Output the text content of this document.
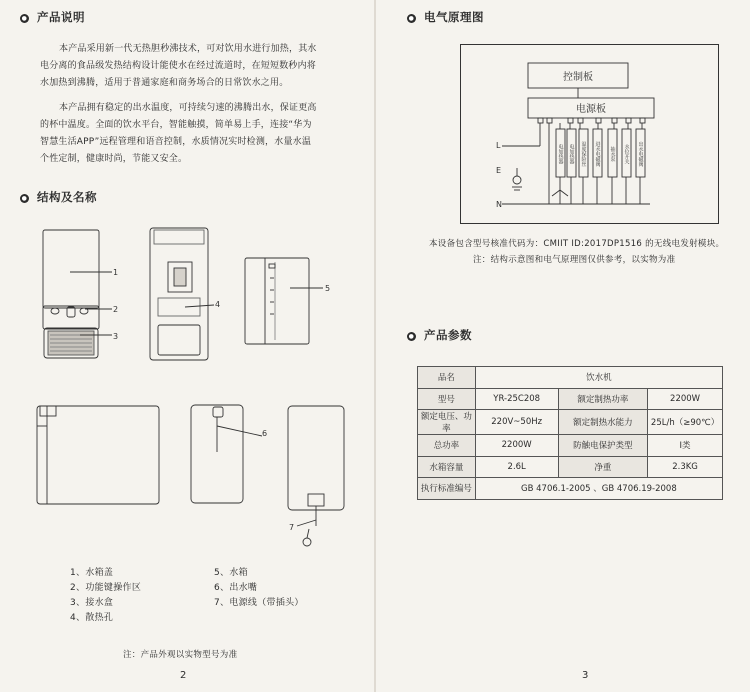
● 产品说明
本产品采用新一代无热胆秒沸技术，可对饮用水进行加热，其水
电分离的食品级发热结构设计能使水在经过流道时，在短短数秒内将
水加热到沸腾，适用于普通家庭和商务场合的日常饮水之用。
本产品拥有稳定的出水温度，可持续匀速的沸腾出水，保证更高
的杯中温度。全面的饮水平台，智能触摸，简单易上手，连接“华为
智慧生活APP”远程管理和语音控制，水质情况实时检测，水量水温
个性定制，健康时尚，节能又安全。
● 结构及名称
1
2
3
4
5
6
7
1、水箱盖
2、功能键操作区
3、接水盒
4、散热孔
5、水箱
6、出水嘴
7、电源线（带插头）
注：产品外观以实物型号为准
2
● 电气原理图
控制板
电源板
L
E
N
电加热器 电加热器 温度保险丝 进水电磁阀 抽水泵 水位开关 出水电磁阀
本设备包含型号核准代码为：CMIIT ID:2017DP1516 的无线电发射模块。
注：结构示意图和电气原理图仅供参考，以实物为准
● 产品参数
品名	饮水机		
型号	YR-25C208	额定制热功率	2200W
额定电压、功率	220V~50Hz	额定制热水能力	25L/h（≥90℃）
总功率	2200W	防触电保护类型	Ⅰ类
水箱容量	2.6L	净重	2.3KG
执行标准编号	GB 4706.1-2005 、GB 4706.19-2008		
3
